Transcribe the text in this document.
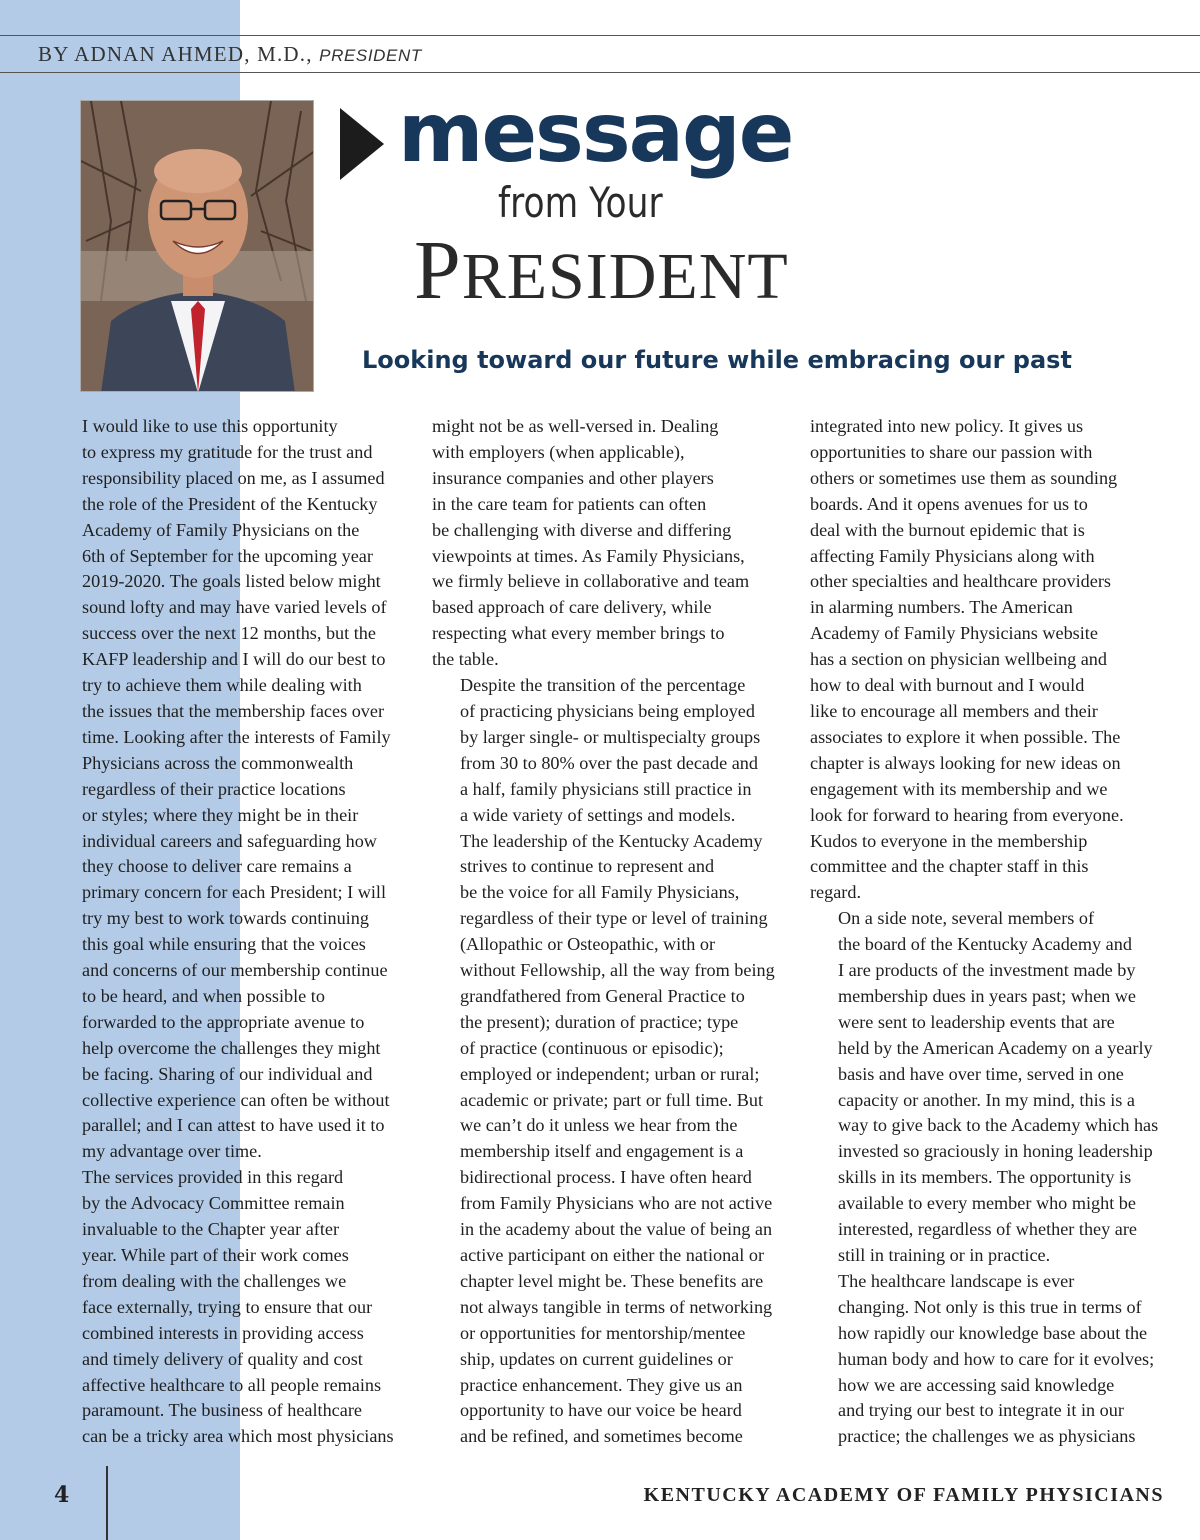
BY ADNAN AHMED, M.D., PRESIDENT
message
from Your
PRESIDENT
Looking toward our future while embracing our past

I would like to use this opportunity
to express my gratitude for the trust and
responsibility placed on me, as I assumed
the role of the President of the Kentucky
Academy of Family Physicians on the
6th of September for the upcoming year
2019-2020. The goals listed below might
sound lofty and may have varied levels of
success over the next 12 months, but the
KAFP leadership and I will do our best to
try to achieve them while dealing with
the issues that the membership faces over
time. Looking after the interests of Family
Physicians across the commonwealth
regardless of their practice locations
or styles; where they might be in their
individual careers and safeguarding how
they choose to deliver care remains a
primary concern for each President; I will
try my best to work towards continuing
this goal while ensuring that the voices
and concerns of our membership continue
to be heard, and when possible to
forwarded to the appropriate avenue to
help overcome the challenges they might
be facing. Sharing of our individual and
collective experience can often be without
parallel; and I can attest to have used it to
my advantage over time.

The services provided in this regard
by the Advocacy Committee remain
invaluable to the Chapter year after
year. While part of their work comes
from dealing with the challenges we
face externally, trying to ensure that our
combined interests in providing access
and timely delivery of quality and cost
affective healthcare to all people remains
paramount. The business of healthcare
can be a tricky area which most physicians

might not be as well-versed in. Dealing
with employers (when applicable),
insurance companies and other players
in the care team for patients can often
be challenging with diverse and differing
viewpoints at times. As Family Physicians,
we firmly believe in collaborative and team
based approach of care delivery, while
respecting what every member brings to
the table.

Despite the transition of the percentage
of practicing physicians being employed
by larger single- or multispecialty groups
from 30 to 80% over the past decade and
a half, family physicians still practice in
a wide variety of settings and models.
The leadership of the Kentucky Academy
strives to continue to represent and
be the voice for all Family Physicians,
regardless of their type or level of training
(Allopathic or Osteopathic, with or
without Fellowship, all the way from being
grandfathered from General Practice to
the present); duration of practice; type
of practice (continuous or episodic);
employed or independent; urban or rural;
academic or private; part or full time. But
we can’t do it unless we hear from the
membership itself and engagement is a
bidirectional process. I have often heard
from Family Physicians who are not active
in the academy about the value of being an
active participant on either the national or
chapter level might be. These benefits are
not always tangible in terms of networking
or opportunities for mentorship/mentee
ship, updates on current guidelines or
practice enhancement. They give us an
opportunity to have our voice be heard
and be refined, and sometimes become

integrated into new policy. It gives us
opportunities to share our passion with
others or sometimes use them as sounding
boards. And it opens avenues for us to
deal with the burnout epidemic that is
affecting Family Physicians along with
other specialties and healthcare providers
in alarming numbers. The American
Academy of Family Physicians website
has a section on physician wellbeing and
how to deal with burnout and I would
like to encourage all members and their
associates to explore it when possible. The
chapter is always looking for new ideas on
engagement with its membership and we
look for forward to hearing from everyone.
Kudos to everyone in the membership
committee and the chapter staff in this
regard.

On a side note, several members of
the board of the Kentucky Academy and
I are products of the investment made by
membership dues in years past; when we
were sent to leadership events that are
held by the American Academy on a yearly
basis and have over time, served in one
capacity or another. In my mind, this is a
way to give back to the Academy which has
invested so graciously in honing leadership
skills in its members. The opportunity is
available to every member who might be
interested, regardless of whether they are
still in training or in practice.

The healthcare landscape is ever
changing. Not only is this true in terms of
how rapidly our knowledge base about the
human body and how to care for it evolves;
how we are accessing said knowledge
and trying our best to integrate it in our
practice; the challenges we as physicians

4	KENTUCKY ACADEMY OF FAMILY PHYSICIANS
